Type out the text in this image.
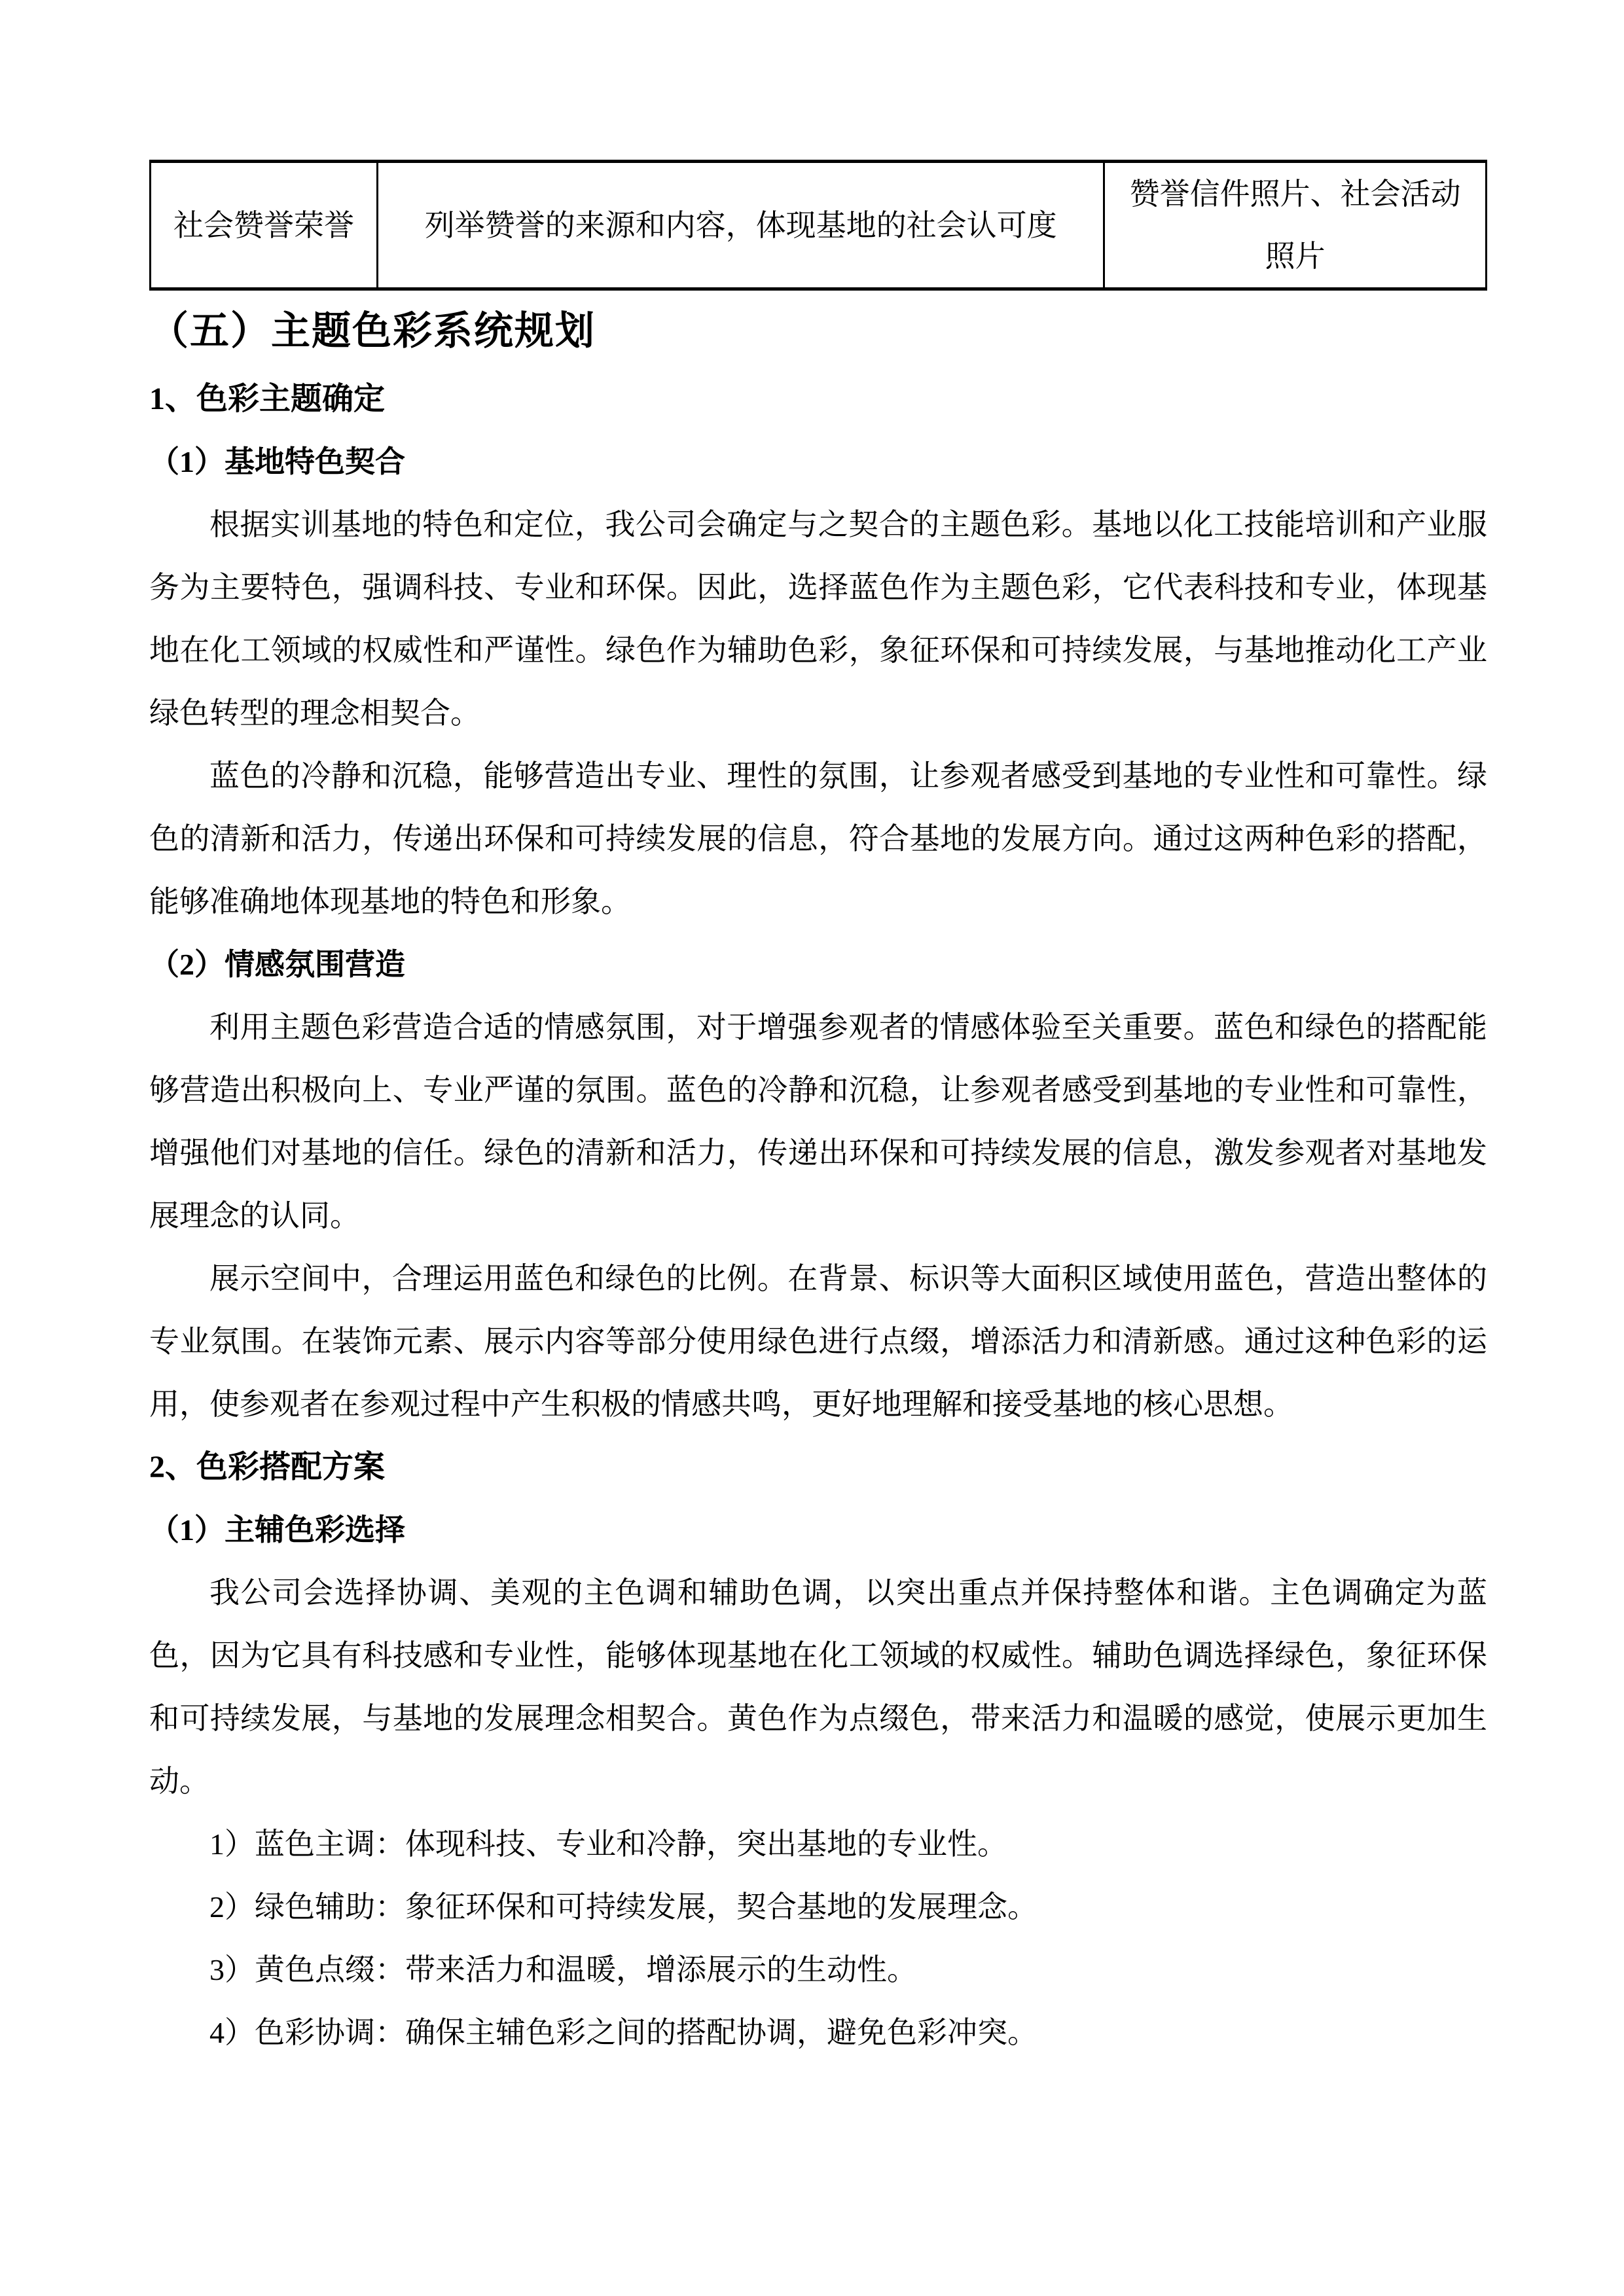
社会赞誉荣誉	列举赞誉的来源和内容，体现基地的社会认可度	赞誉信件照片、社会活动照片
（五）主题色彩系统规划
1、色彩主题确定
（1）基地特色契合

根据实训基地的特色和定位，我公司会确定与之契合的主题色彩。基地以化工技能培训和产业服务为主要特色，强调科技、专业和环保。因此，选择蓝色作为主题色彩，它代表科技和专业，体现基地在化工领域的权威性和严谨性。绿色作为辅助色彩，象征环保和可持续发展，与基地推动化工产业绿色转型的理念相契合。

蓝色的冷静和沉稳，能够营造出专业、理性的氛围，让参观者感受到基地的专业性和可靠性。绿色的清新和活力，传递出环保和可持续发展的信息，符合基地的发展方向。通过这两种色彩的搭配，能够准确地体现基地的特色和形象。

（2）情感氛围营造

利用主题色彩营造合适的情感氛围，对于增强参观者的情感体验至关重要。蓝色和绿色的搭配能够营造出积极向上、专业严谨的氛围。蓝色的冷静和沉稳，让参观者感受到基地的专业性和可靠性，增强他们对基地的信任。绿色的清新和活力，传递出环保和可持续发展的信息，激发参观者对基地发展理念的认同。

展示空间中，合理运用蓝色和绿色的比例。在背景、标识等大面积区域使用蓝色，营造出整体的专业氛围。在装饰元素、展示内容等部分使用绿色进行点缀，增添活力和清新感。通过这种色彩的运用，使参观者在参观过程中产生积极的情感共鸣，更好地理解和接受基地的核心思想。

2、色彩搭配方案
（1）主辅色彩选择

我公司会选择协调、美观的主色调和辅助色调，以突出重点并保持整体和谐。主色调确定为蓝色，因为它具有科技感和专业性，能够体现基地在化工领域的权威性。辅助色调选择绿色，象征环保和可持续发展，与基地的发展理念相契合。黄色作为点缀色，带来活力和温暖的感觉，使展示更加生动。

1）蓝色主调：体现科技、专业和冷静，突出基地的专业性。

2）绿色辅助：象征环保和可持续发展，契合基地的发展理念。

3）黄色点缀：带来活力和温暖，增添展示的生动性。

4）色彩协调：确保主辅色彩之间的搭配协调，避免色彩冲突。
